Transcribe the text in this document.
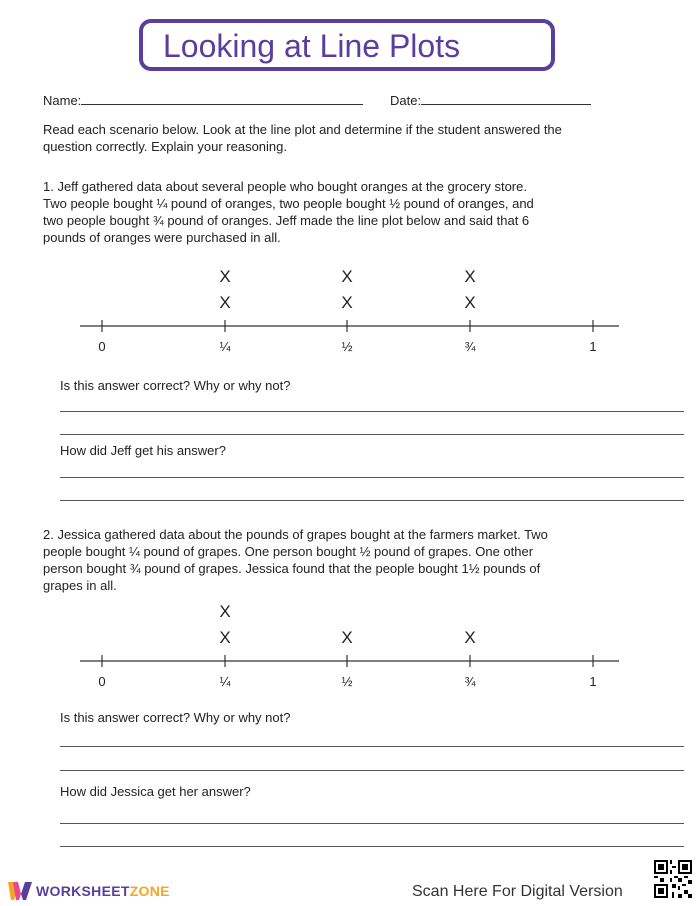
Looking at Line Plots
Name:	Date:
Read each scenario below. Look at the line plot and determine if the student answered the question correctly. Explain your reasoning.
1. Jeff gathered data about several people who bought oranges at the grocery store. Two people bought ¼ pound of oranges, two people bought ½ pound of oranges, and two people bought ¾ pound of oranges. Jeff made the line plot below and said that 6 pounds of oranges were purchased in all.
0	¼
X
X
½
X
X
¾
X
X
1
Is this answer correct? Why or why not?
How did Jeff get his answer?
2. Jessica gathered data about the pounds of grapes bought at the farmers market. Two people bought ¼ pound of grapes. One person bought ½ pound of grapes. One other person bought ¾ pound of grapes. Jessica found that the people bought 1½ pounds of grapes in all.
0	¼
X
X
½
X
¾
X
1
Is this answer correct? Why or why not?
How did Jessica get her answer?
WORKSHEETZONE	Scan Here For Digital Version
